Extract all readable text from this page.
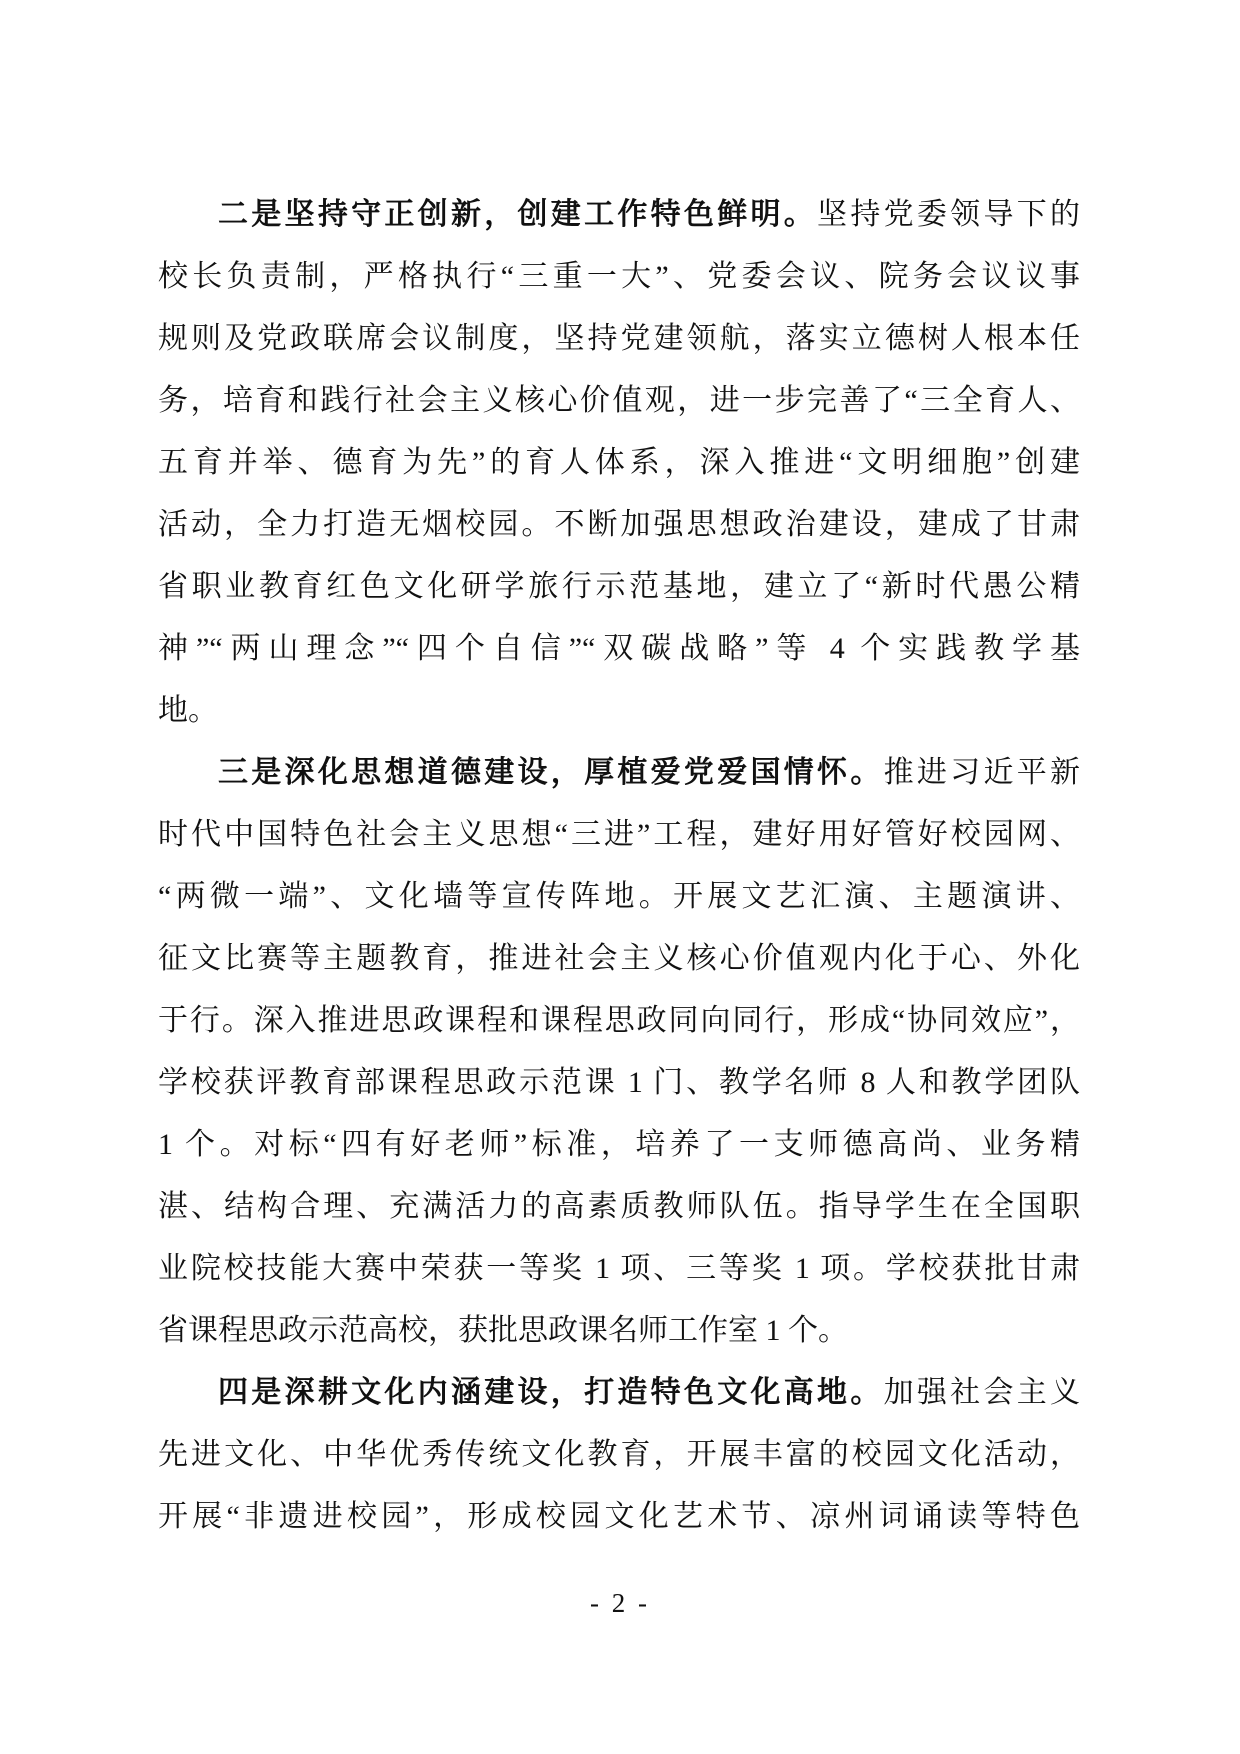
二是坚持守正创新，创建工作特色鲜明。坚持党委领导下的
校长负责制，严格执行“三重一大”、党委会议、院务会议议事
规则及党政联席会议制度，坚持党建领航，落实立德树人根本任
务，培育和践行社会主义核心价值观，进一步完善了“三全育人、
五育并举、德育为先”的育人体系，深入推进“文明细胞”创建
活动，全力打造无烟校园。不断加强思想政治建设，建成了甘肃
省职业教育红色文化研学旅行示范基地，建立了“新时代愚公精
神”“两山理念”“四个自信”“双碳战略”等 4 个实践教学基
地。
三是深化思想道德建设，厚植爱党爱国情怀。推进习近平新
时代中国特色社会主义思想“三进”工程，建好用好管好校园网、
“两微一端”、文化墙等宣传阵地。开展文艺汇演、主题演讲、
征文比赛等主题教育，推进社会主义核心价值观内化于心、外化
于行。深入推进思政课程和课程思政同向同行，形成“协同效应”，
学校获评教育部课程思政示范课 1 门、教学名师 8 人和教学团队
1 个。对标“四有好老师”标准，培养了一支师德高尚、业务精
湛、结构合理、充满活力的高素质教师队伍。指导学生在全国职
业院校技能大赛中荣获一等奖 1 项、三等奖 1 项。学校获批甘肃
省课程思政示范高校，获批思政课名师工作室 1 个。
四是深耕文化内涵建设，打造特色文化高地。加强社会主义
先进文化、中华优秀传统文化教育，开展丰富的校园文化活动，
开展“非遗进校园”，形成校园文化艺术节、凉州词诵读等特色
- 2 -
